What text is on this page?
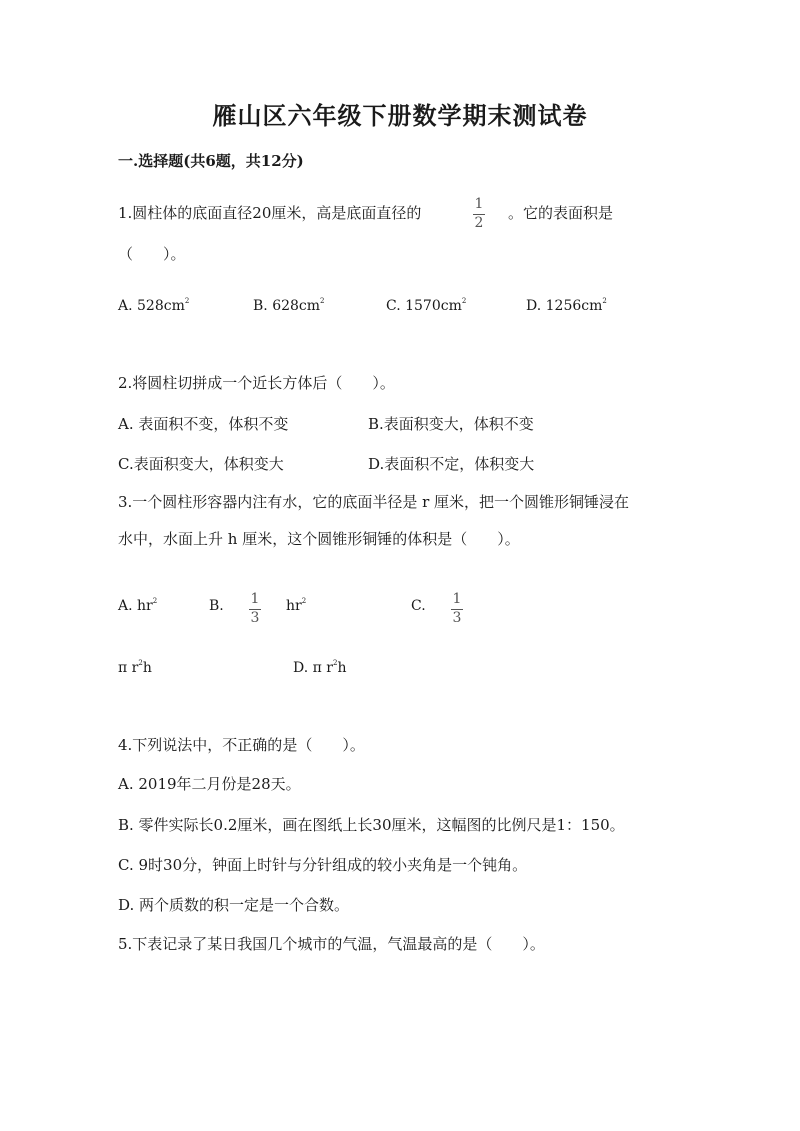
雁山区六年级下册数学期末测试卷
一.选择题(共6题，共12分)
1.圆柱体的底面直径20厘米，高是底面直径的	1
2
。它的表面积是
（　　）。
A. $528cm^2$	B. $628cm^2$	C. $1570cm^2$	D. $1256cm^2$
2.将圆柱切拼成一个近长方体后（　　）。
A. 表面积不变，体积不变	B.表面积变大，体积不变
C.表面积变大，体积变大	D.表面积不定，体积变大
3.一个圆柱形容器内注有水，它的底面半径是 r 厘米，把一个圆锥形铜锤浸在
水中，水面上升 h 厘米，这个圆锥形铜锤的体积是（　　）。
A. $hr^2$	B. 1
3
$hr^2$	C. 1
3
π $r^2h$	D. π $r^2h$
4.下列说法中，不正确的是（　　）。
A. 2019年二月份是28天。
B. 零件实际长0.2厘米，画在图纸上长30厘米，这幅图的比例尺是1：150。
C. 9时30分，钟面上时针与分针组成的较小夹角是一个钝角。
D. 两个质数的积一定是一个合数。
5.下表记录了某日我国几个城市的气温，气温最高的是（　　）。
